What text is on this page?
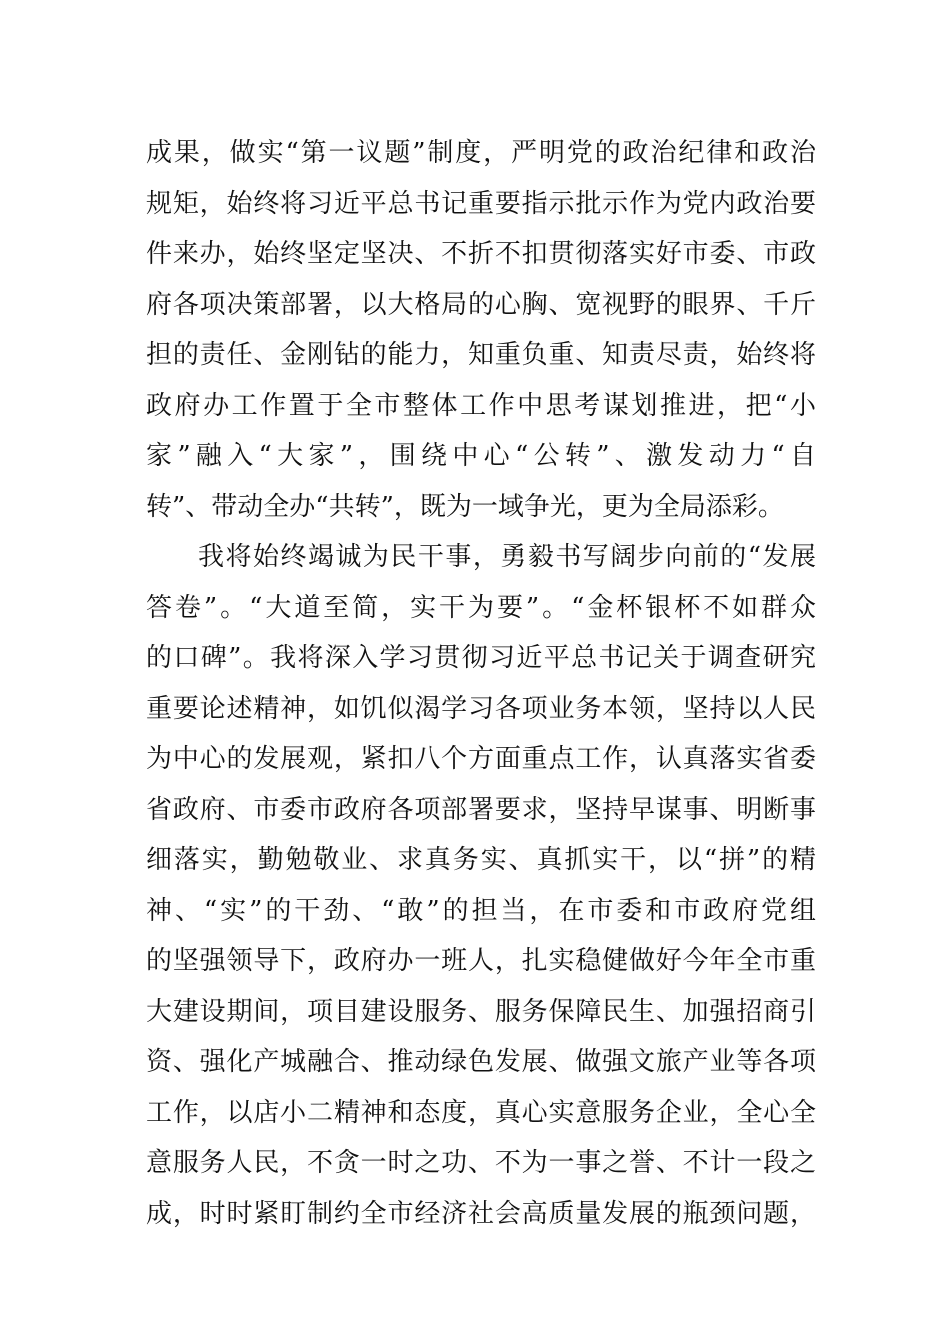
成果，做实“第一议题”制度，严明党的政治纪律和政治
规矩，始终将习近平总书记重要指示批示作为党内政治要
件来办，始终坚定坚决、不折不扣贯彻落实好市委、市政
府各项决策部署，以大格局的心胸、宽视野的眼界、千斤
担的责任、金刚钻的能力，知重负重、知责尽责，始终将
政府办工作置于全市整体工作中思考谋划推进，把“小
家”融入“大家”，围绕中心“公转”、激发动力“自
转”、带动全办“共转”，既为一域争光，更为全局添彩。
我将始终竭诚为民干事，勇毅书写阔步向前的“发展
答卷”。“大道至简，实干为要”。“金杯银杯不如群众
的口碑”。我将深入学习贯彻习近平总书记关于调查研究
重要论述精神，如饥似渴学习各项业务本领，坚持以人民
为中心的发展观，紧扣八个方面重点工作，认真落实省委
省政府、市委市政府各项部署要求，坚持早谋事、明断事
细落实，勤勉敬业、求真务实、真抓实干，以“拼”的精
神、“实”的干劲、“敢”的担当，在市委和市政府党组
的坚强领导下，政府办一班人，扎实稳健做好今年全市重
大建设期间，项目建设服务、服务保障民生、加强招商引
资、强化产城融合、推动绿色发展、做强文旅产业等各项
工作，以店小二精神和态度，真心实意服务企业，全心全
意服务人民，不贪一时之功、不为一事之誉、不计一段之
成，时时紧盯制约全市经济社会高质量发展的瓶颈问题，
